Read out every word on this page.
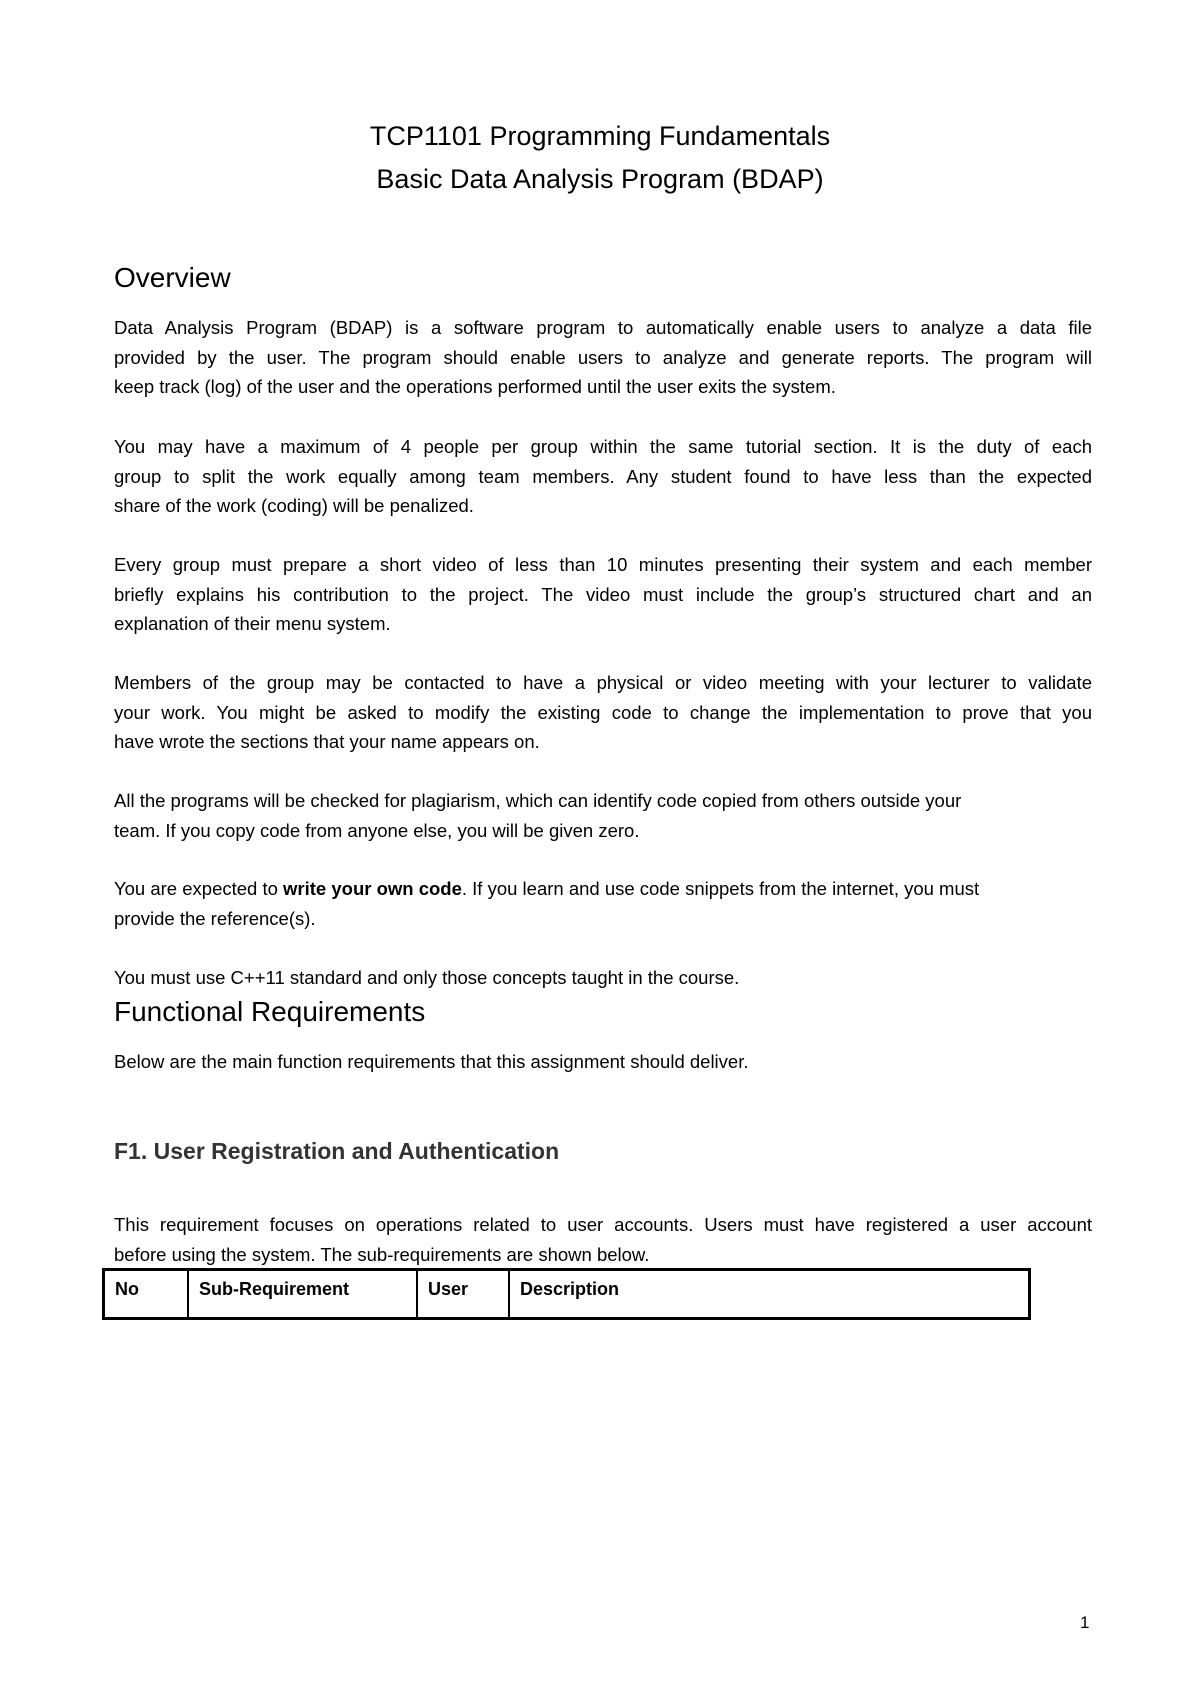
TCP1101 Programming Fundamentals
Basic Data Analysis Program (BDAP)
Overview
Data Analysis Program (BDAP) is a software program to automatically enable users to analyze a data file
provided by the user. The program should enable users to analyze and generate reports. The program will
keep track (log) of the user and the operations performed until the user exits the system.
You may have a maximum of 4 people per group within the same tutorial section. It is the duty of each
group to split the work equally among team members. Any student found to have less than the expected
share of the work (coding) will be penalized.
Every group must prepare a short video of less than 10 minutes presenting their system and each member
briefly explains his contribution to the project. The video must include the group’s structured chart and an
explanation of their menu system.
Members of the group may be contacted to have a physical or video meeting with your lecturer to validate
your work. You might be asked to modify the existing code to change the implementation to prove that you
have wrote the sections that your name appears on.
All the programs will be checked for plagiarism, which can identify code copied from others outside your
team. If you copy code from anyone else, you will be given zero.
You are expected to write your own code. If you learn and use code snippets from the internet, you must
provide the reference(s).
You must use C++11 standard and only those concepts taught in the course.
Functional Requirements
Below are the main function requirements that this assignment should deliver.
F1. User Registration and Authentication
This requirement focuses on operations related to user accounts. Users must have registered a user account
before using the system. The sub-requirements are shown below.
No	Sub-Requirement	User	Description
1
